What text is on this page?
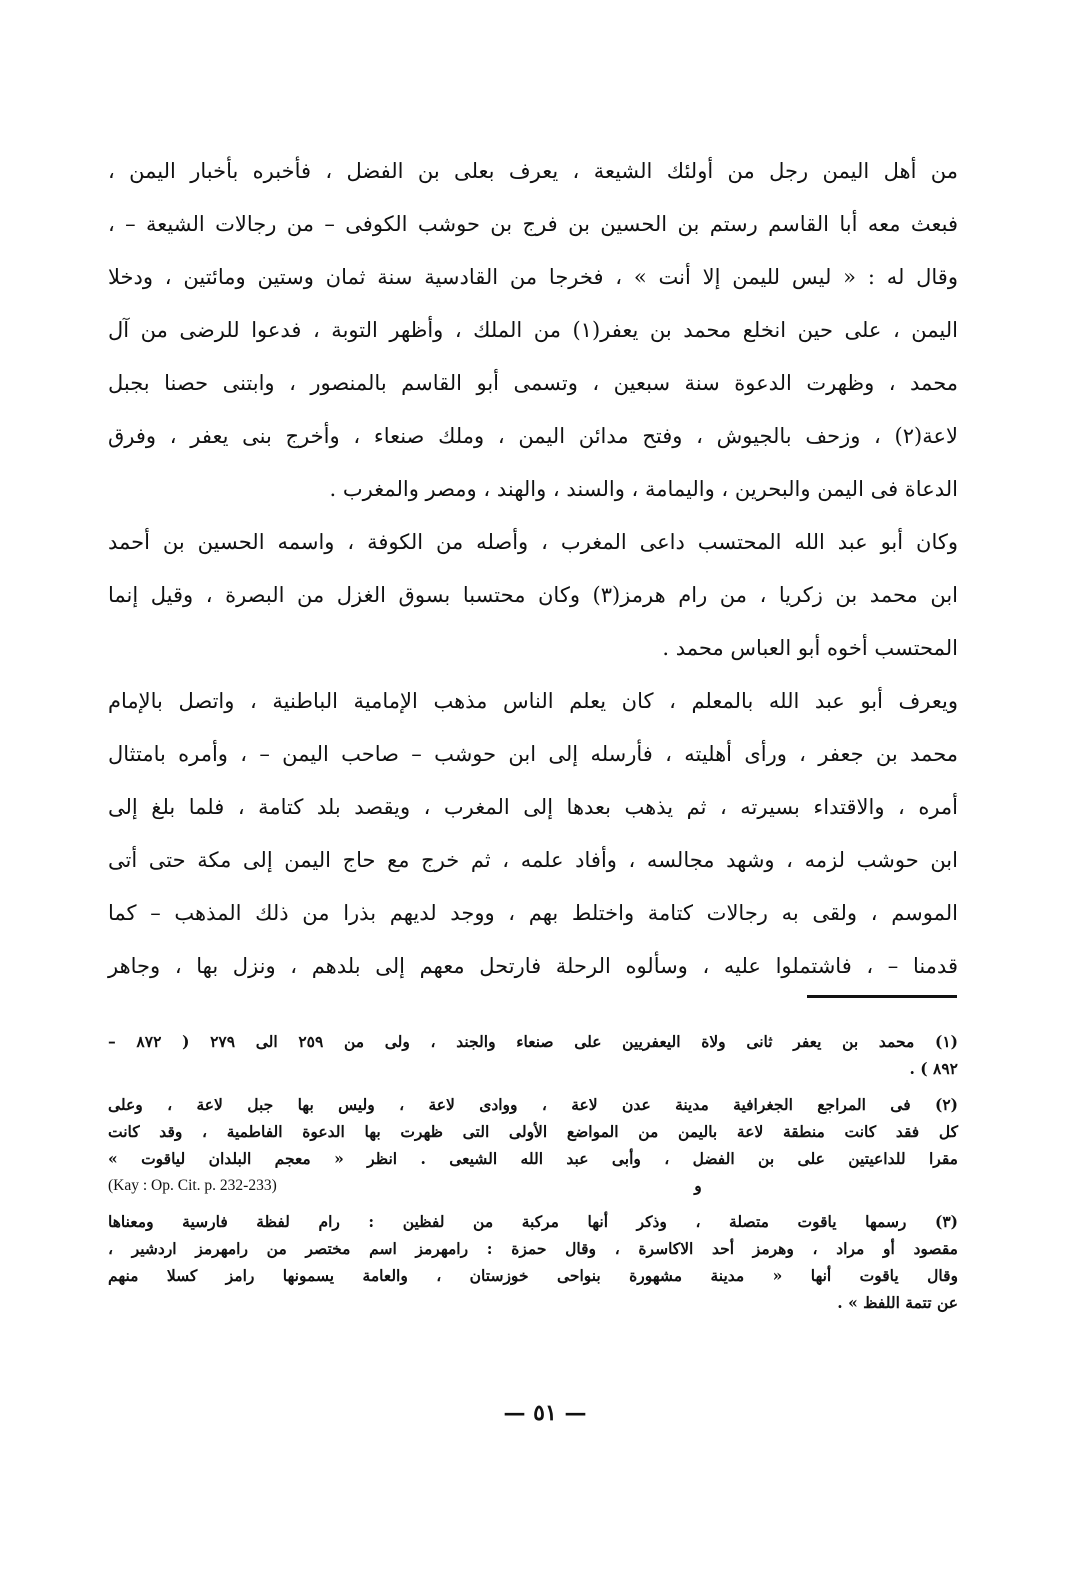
من أهل اليمن رجل من أولئك الشيعة ، يعرف بعلى بن الفضل ، فأخبره بأخبار اليمن ،
فبعث معه أبا القاسم رستم بن الحسين بن فرج بن حوشب الكوفى – من رجالات الشيعة – ،
وقال له : « ليس لليمن إلا أنت » ، فخرجا من القادسية سنة ثمان وستين ومائتين ، ودخلا
اليمن ، على حين انخلع محمد بن يعفر(١) من الملك ، وأظهر التوبة ، فدعوا للرضى من آل
محمد ، وظهرت الدعوة سنة سبعين ، وتسمى أبو القاسم بالمنصور ، وابتنى حصنا بجبل
لاعة(٢) ، وزحف بالجيوش ، وفتح مدائن اليمن ، وملك صنعاء ، وأخرج بنى يعفر ، وفرق
الدعاة فى اليمن والبحرين ، واليمامة ، والسند ، والهند ، ومصر والمغرب .
وكان أبو عبد الله المحتسب داعى المغرب ، وأصله من الكوفة ، واسمه الحسين بن أحمد
ابن محمد بن زكريا ، من رام هرمز(٣) وكان محتسبا بسوق الغزل من البصرة ، وقيل إنما
المحتسب أخوه أبو العباس محمد .
ويعرف أبو عبد الله بالمعلم ، كان يعلم الناس مذهب الإمامية الباطنية ، واتصل بالإمام
محمد بن جعفر ، ورأى أهليته ، فأرسله إلى ابن حوشب – صاحب اليمن – ، وأمره بامتثال
أمره ، والاقتداء بسيرته ، ثم يذهب بعدها إلى المغرب ، ويقصد بلد كتامة ، فلما بلغ إلى
ابن حوشب لزمه ، وشهد مجالسه ، وأفاد علمه ، ثم خرج مع حاج اليمن إلى مكة حتى أتى
الموسم ، ولقى به رجالات كتامة واختلط بهم ، ووجد لديهم بذرا من ذلك المذهب – كما
قدمنا – ، فاشتملوا عليه ، وسألوه الرحلة فارتحل معهم إلى بلدهم ، ونزل بها ، وجاهر
(١) محمد بن يعفر ثانى ولاة اليعفريين على صنعاء والجند ، ولى من ٢٥٩ الى ٢٧٩ ( ٨٧٢ –
٨٩٢ ) .
(٢) فى المراجع الجغرافية مدينة عدن لاعة ، ووادى لاعة ، وليس بها جبل لاعة ، وعلى
كل فقد كانت منطقة لاعة باليمن من المواضع الأولى التى ظهرت بها الدعوة الفاطمية ، وقد كانت
مقرا للداعيتين على بن الفضل ، وأبى عبد الله الشيعى . انظر « معجم البلدان لياقوت »
و
(Kay : Op. Cit. p. 232-233)
(٣) رسمها ياقوت متصلة ، وذكر أنها مركبة من لفظين : رام لفظة فارسية ومعناها
مقصود أو مراد ، وهرمز أحد الاكاسرة ، وقال حمزة : رامهرمز اسم مختصر من رامهرمز اردشير ،
وقال ياقوت أنها « مدينة مشهورة بنواحى خوزستان ، والعامة يسمونها رامز كسلا منهم
عن تتمة اللفظ » .
— ٥١ —
